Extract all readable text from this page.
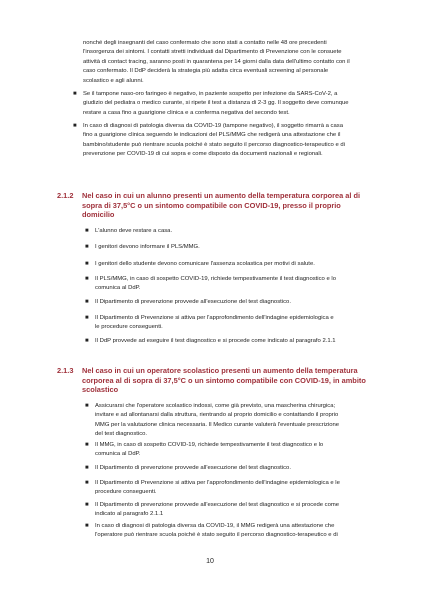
nonché degli insegnanti del caso confermato che sono stati a contatto nelle 48 ore precedenti

l'insorgenza dei sintomi. I contatti stretti individuati dal Dipartimento di Prevenzione con le consuete

attività di contact tracing, saranno posti in quarantena per 14 giorni dalla data dell'ultimo contatto con il

caso confermato. Il DdP deciderà la strategia più adatta circa eventuali screening al personale

scolastico e agli alunni.

■	Se il tampone naso-oro faringeo è negativo, in paziente sospetto per infezione da SARS-CoV-2, a

giudizio del pediatra o medico curante, si ripete il test a distanza di 2-3 gg. Il soggetto deve comunque

restare a casa fino a guarigione clinica e a conferma negativa del secondo test.

■	In caso di diagnosi di patologia diversa da COVID-19 (tampone negativo), il soggetto rimarrà a casa

fino a guarigione clinica seguendo le indicazioni del PLS/MMG che redigerà una attestazione che il

bambino/studente può rientrare scuola poiché è stato seguito il percorso diagnostico-terapeutico e di

prevenzione per COVID-19 di cui sopra e come disposto da documenti nazionali e regionali.

2.1.2 Nel caso in cui un alunno presenti un aumento della temperatura corporea al di

sopra di 37,5°C o un sintomo compatibile con COVID-19, presso il proprio

domicilio

■	L'alunno deve restare a casa.

■	I genitori devono informare il PLS/MMG.

■	I genitori dello studente devono comunicare l'assenza scolastica per motivi di salute.

■	Il PLS/MMG, in caso di sospetto COVID-19, richiede tempestivamente il test diagnostico e lo

comunica al DdP.

■	Il Dipartimento di prevenzione provvede all'esecuzione del test diagnostico.

■	Il Dipartimento di Prevenzione si attiva per l'approfondimento dell'indagine epidemiologica e

le procedure conseguenti.

■	Il DdP provvede ad eseguire il test diagnostico e si procede come indicato al paragrafo 2.1.1

2.1.3 Nel caso in cui un operatore scolastico presenti un aumento della temperatura

corporea al di sopra di 37,5°C o un sintomo compatibile con COVID-19, in ambito

scolastico

■	Assicurarsi che l'operatore scolastico indossi, come già previsto, una mascherina chirurgica;

invitare e ad allontanarsi dalla struttura, rientrando al proprio domicilio e contattando il proprio

MMG per la valutazione clinica necessaria. Il Medico curante valuterà l'eventuale prescrizione

del test diagnostico.

■	Il MMG, in caso di sospetto COVID-19, richiede tempestivamente il test diagnostico e lo

comunica al DdP.

■	Il Dipartimento di prevenzione provvede all'esecuzione del test diagnostico.

■	Il Dipartimento di Prevenzione si attiva per l'approfondimento dell'indagine epidemiologica e le

procedure conseguenti.

■	Il Dipartimento di prevenzione provvede all'esecuzione del test diagnostico e si procede come

indicato al paragrafo 2.1.1

■	In caso di diagnosi di patologia diversa da COVID-19, il MMG redigerà una attestazione che

l'operatore può rientrare scuola poiché è stato seguito il percorso diagnostico-terapeutico e di

10
